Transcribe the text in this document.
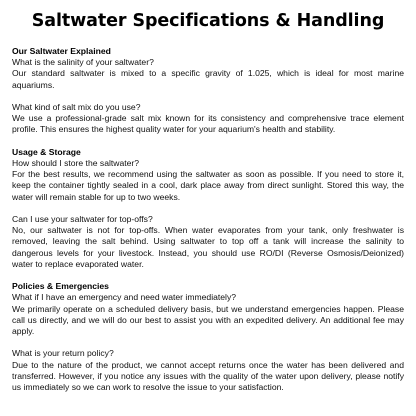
Saltwater Specifications & Handling
Our Saltwater Explained

What is the salinity of your saltwater?

Our standard saltwater is mixed to a specific gravity of 1.025, which is ideal for most marine aquariums.

What kind of salt mix do you use?

We use a professional-grade salt mix known for its consistency and comprehensive trace element profile. This ensures the highest quality water for your aquarium's health and stability.

Usage & Storage

How should I store the saltwater?

For the best results, we recommend using the saltwater as soon as possible. If you need to store it, keep the container tightly sealed in a cool, dark place away from direct sunlight. Stored this way, the water will remain stable for up to two weeks.

Can I use your saltwater for top-offs?

No, our saltwater is not for top-offs. When water evaporates from your tank, only freshwater is removed, leaving the salt behind. Using saltwater to top off a tank will increase the salinity to dangerous levels for your livestock. Instead, you should use RO/DI (Reverse Osmosis/Deionized) water to replace evaporated water.

Policies & Emergencies

What if I have an emergency and need water immediately?

We primarily operate on a scheduled delivery basis, but we understand emergencies happen. Please call us directly, and we will do our best to assist you with an expedited delivery. An additional fee may apply.

What is your return policy?

Due to the nature of the product, we cannot accept returns once the water has been delivered and transferred. However, if you notice any issues with the quality of the water upon delivery, please notify us immediately so we can work to resolve the issue to your satisfaction.
